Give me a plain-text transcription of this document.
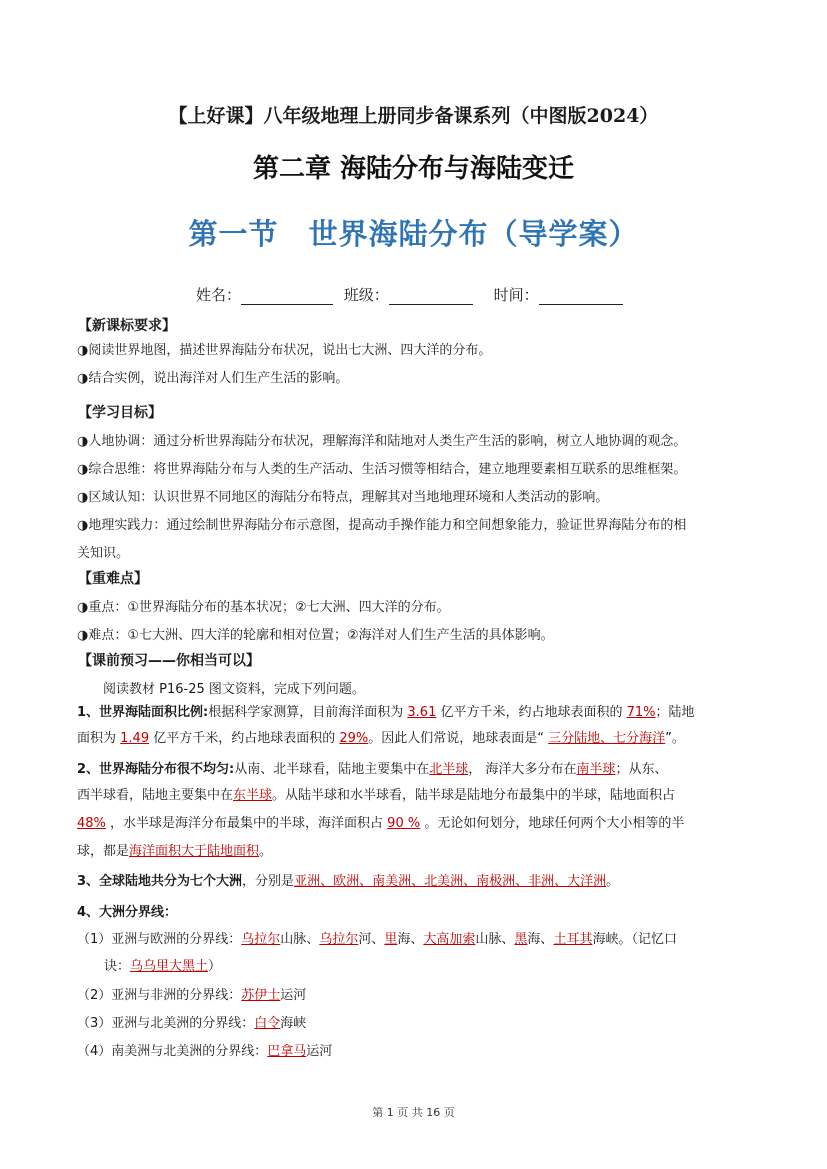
【上好课】八年级地理上册同步备课系列（中图版2024）
第二章 海陆分布与海陆变迁
第一节　世界海陆分布（导学案）
姓名：	班级：	时间：
【新课标要求】
◑阅读世界地图，描述世界海陆分布状况，说出七大洲、四大洋的分布。
◑结合实例，说出海洋对人们生产生活的影响。
【学习目标】
◑人地协调：通过分析世界海陆分布状况，理解海洋和陆地对人类生产生活的影响，树立人地协调的观念。
◑综合思维：将世界海陆分布与人类的生产活动、生活习惯等相结合，建立地理要素相互联系的思维框架。
◑区域认知：认识世界不同地区的海陆分布特点，理解其对当地地理环境和人类活动的影响。
◑地理实践力：通过绘制世界海陆分布示意图，提高动手操作能力和空间想象能力，验证世界海陆分布的相
关知识。
【重难点】
◑重点：①世界海陆分布的基本状况；②七大洲、四大洋的分布。
◑难点：①七大洲、四大洋的轮廓和相对位置；②海洋对人们生产生活的具体影响。
【课前预习——你相当可以】
阅读教材 P16-25 图文资料，完成下列问题。
1、世界海陆面积比例:根据科学家测算，目前海洋面积为 3.61 亿平方千米，约占地球表面积的 71%；陆地
面积为 1.49 亿平方千米，约占地球表面积的 29%。因此人们常说，地球表面是“ 三分陆地、七分海洋”。
2、世界海陆分布很不均匀:从南、北半球看，陆地主要集中在北半球， 海洋大多分布在南半球；从东、
西半球看，陆地主要集中在东半球。从陆半球和水半球看，陆半球是陆地分布最集中的半球，陆地面积占
48% ，水半球是海洋分布最集中的半球，海洋面积占 90 % 。无论如何划分，地球任何两个大小相等的半
球，都是海洋面积大于陆地面积。
3、全球陆地共分为七个大洲，分别是亚洲、欧洲、南美洲、北美洲、南极洲、非洲、大洋洲。
4、大洲分界线：
（1）亚洲与欧洲的分界线：乌拉尔山脉、乌拉尔河、里海、大高加索山脉、黑海、土耳其海峡。（记忆口
诀：乌乌里大黑土）
（2）亚洲与非洲的分界线：苏伊士运河
（3）亚洲与北美洲的分界线：白令海峡
（4）南美洲与北美洲的分界线：巴拿马运河
第 1 页 共 16 页
